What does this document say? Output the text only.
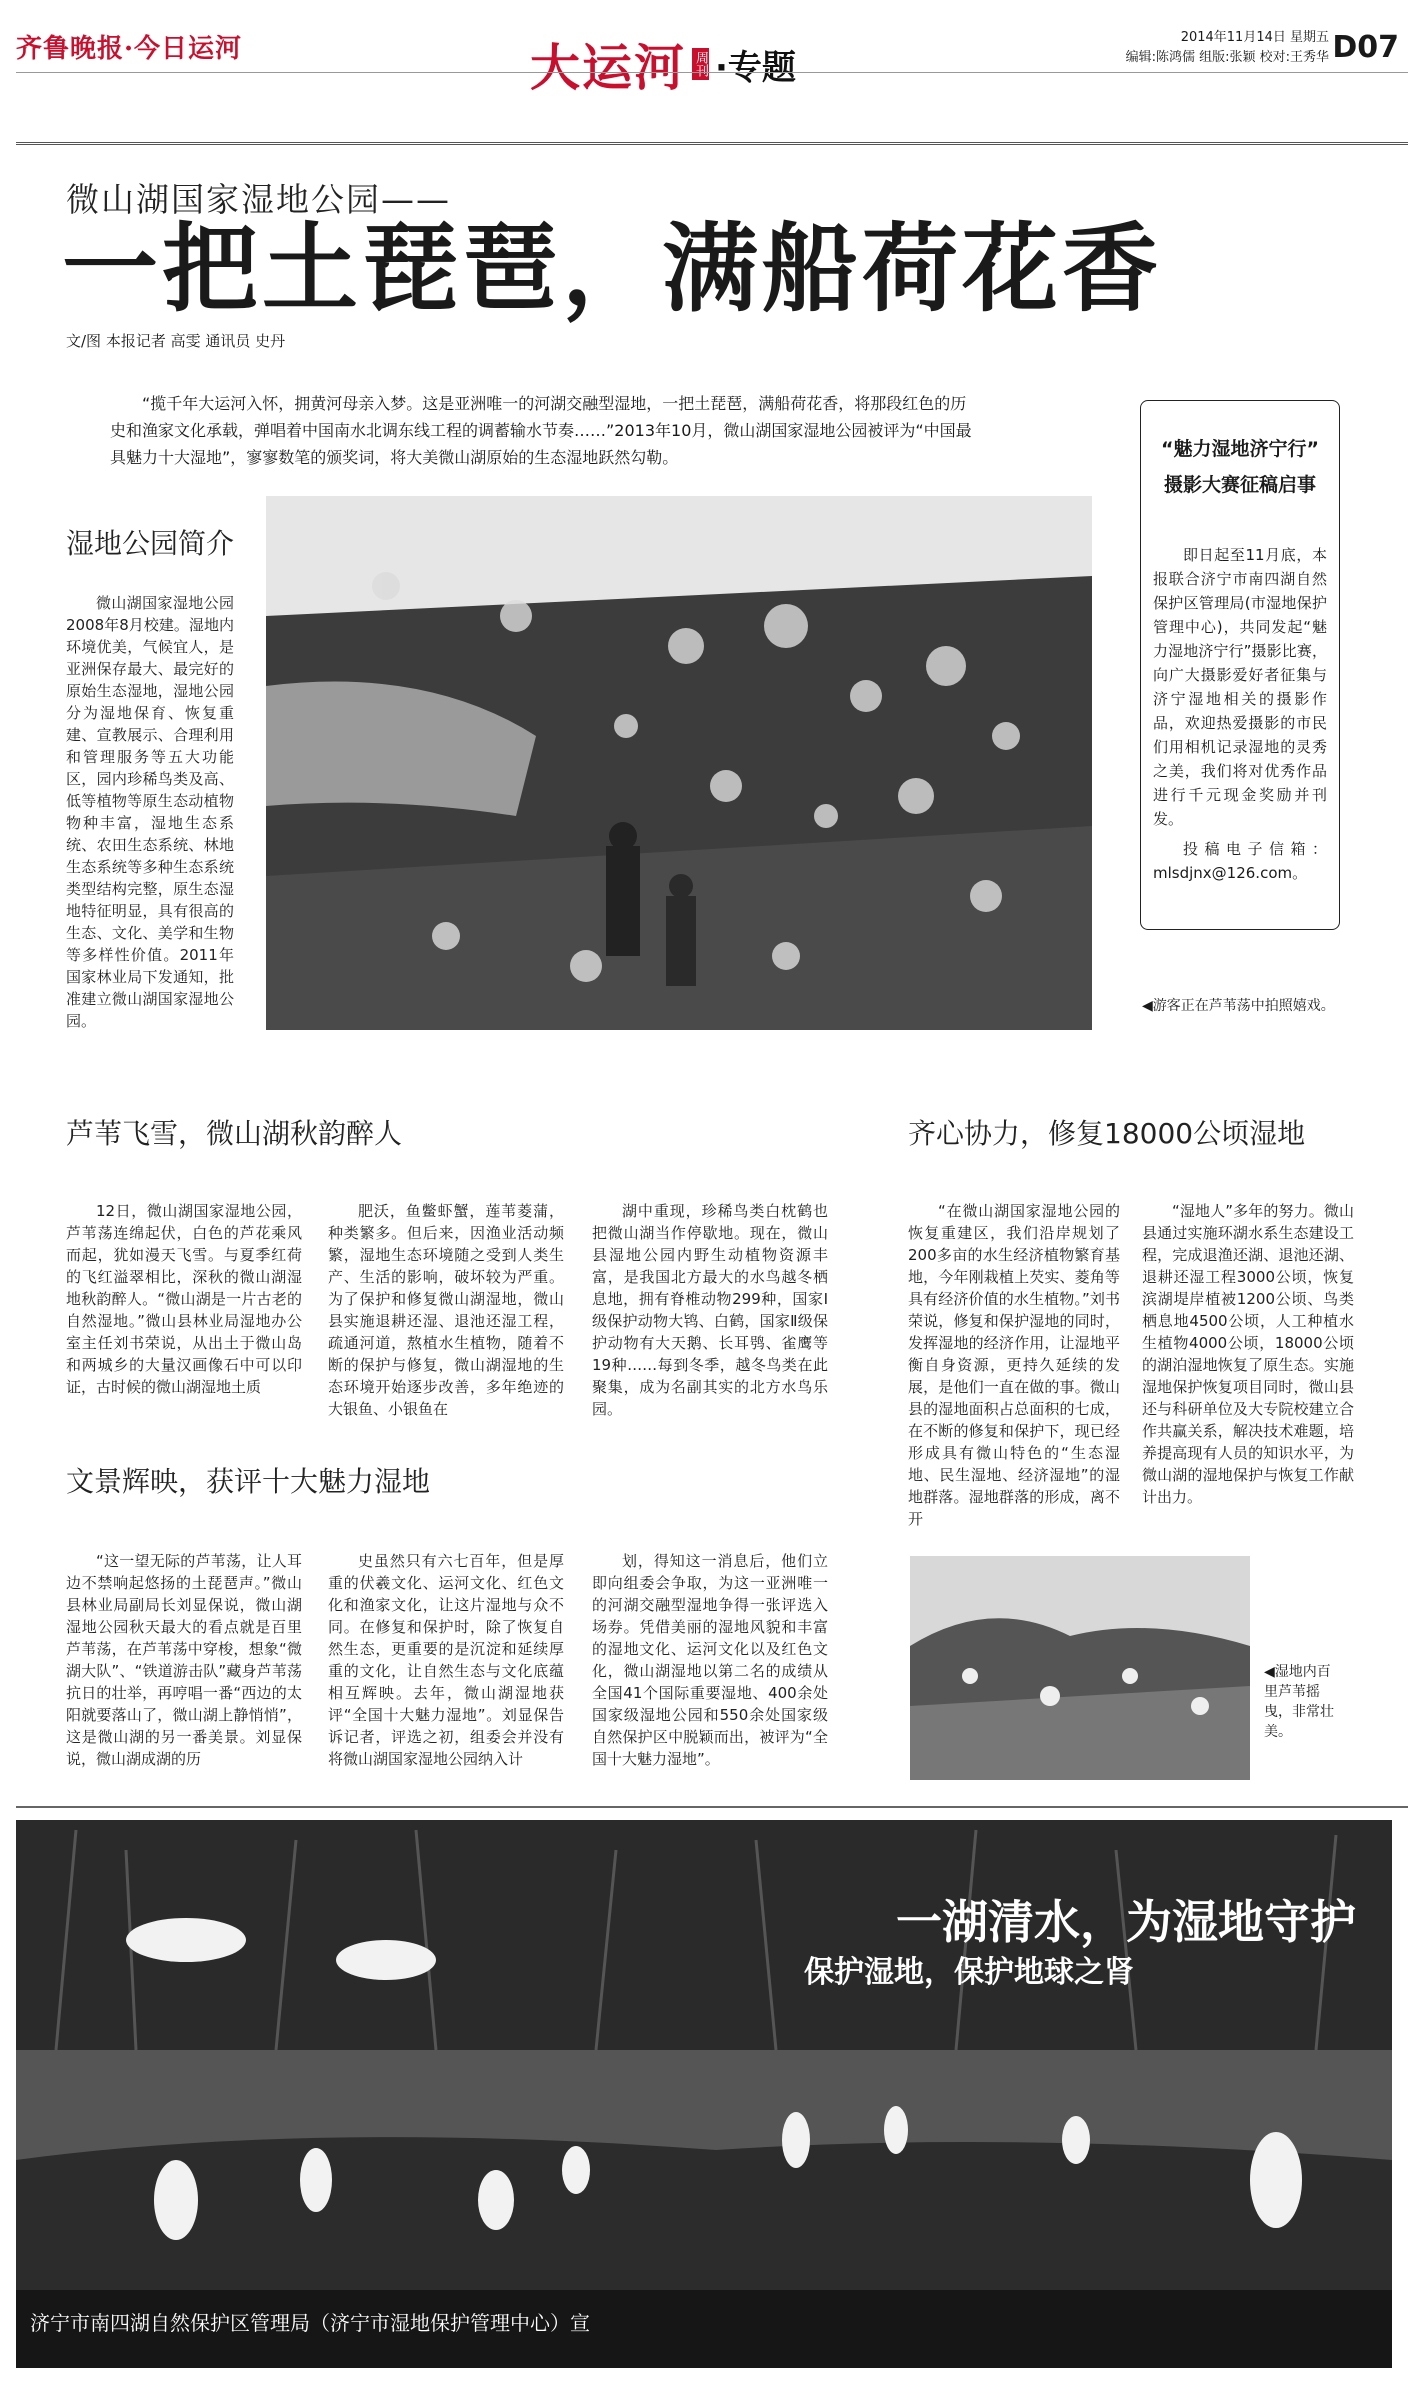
齐鲁晚报·今日运河	大运河 周刊 ·专题
2014年11月14日 星期五
编辑:陈鸿儒 组版:张颖 校对:王秀华 D07
微山湖国家湿地公园——
一把土琵琶，满船荷花香
文/图 本报记者 高雯 通讯员 史丹
“揽千年大运河入怀，拥黄河母亲入梦。这是亚洲唯一的河湖交融型湿地，一把土琵琶，满船荷花香，将那段红色的历史和渔家文化承载，弹唱着中国南水北调东线工程的调蓄输水节奏……”2013年10月，微山湖国家湿地公园被评为“中国最具魅力十大湿地”，寥寥数笔的颁奖词，将大美微山湖原始的生态湿地跃然勾勒。
湿地公园简介

微山湖国家湿地公园2008年8月校建。湿地内环境优美，气候宜人，是亚洲保存最大、最完好的原始生态湿地，湿地公园分为湿地保育、恢复重建、宣教展示、合理利用和管理服务等五大功能区，园内珍稀鸟类及高、低等植物等原生态动植物物种丰富，湿地生态系统、农田生态系统、林地生态系统等多种生态系统类型结构完整，原生态湿地特征明显，具有很高的生态、文化、美学和生物等多样性价值。2011年国家林业局下发通知，批准建立微山湖国家湿地公园。

◀游客正在芦苇荡中拍照嬉戏。
“魅力湿地济宁行”
摄影大赛征稿启事
即日起至11月底，本报联合济宁市南四湖自然保护区管理局(市湿地保护管理中心)，共同发起“魅力湿地济宁行”摄影比赛，向广大摄影爱好者征集与济宁湿地相关的摄影作品，欢迎热爱摄影的市民们用相机记录湿地的灵秀之美，我们将对优秀作品进行千元现金奖励并刊发。
投稿电子信箱：mlsdjnx@126.com。
芦苇飞雪，微山湖秋韵醉人

12日，微山湖国家湿地公园，芦苇荡连绵起伏，白色的芦花乘风而起，犹如漫天飞雪。与夏季红荷的飞红溢翠相比，深秋的微山湖湿地秋韵醉人。“微山湖是一片古老的自然湿地。”微山县林业局湿地办公室主任刘书荣说，从出土于微山岛和两城乡的大量汉画像石中可以印证，古时候的微山湖湿地土质

肥沃，鱼鳖虾蟹，莲苇菱蒲，种类繁多。但后来，因渔业活动频繁，湿地生态环境随之受到人类生产、生活的影响，破坏较为严重。为了保护和修复微山湖湿地，微山县实施退耕还湿、退池还湿工程，疏通河道，熬植水生植物，随着不断的保护与修复，微山湖湿地的生态环境开始逐步改善，多年绝迹的大银鱼、小银鱼在

湖中重现，珍稀鸟类白枕鹤也把微山湖当作停歇地。现在，微山县湿地公园内野生动植物资源丰富，是我国北方最大的水鸟越冬栖息地，拥有脊椎动物299种，国家Ⅰ级保护动物大鸨、白鹤，国家Ⅱ级保护动物有大天鹅、长耳鸮、雀鹰等19种……每到冬季，越冬鸟类在此聚集，成为名副其实的北方水鸟乐园。

齐心协力，修复18000公顷湿地

“在微山湖国家湿地公园的恢复重建区，我们沿岸规划了200多亩的水生经济植物繁育基地，今年刚栽植上芡实、菱角等具有经济价值的水生植物。”刘书荣说，修复和保护湿地的同时，发挥湿地的经济作用，让湿地平衡自身资源，更持久延续的发展，是他们一直在做的事。微山县的湿地面积占总面积的七成，在不断的修复和保护下，现已经形成具有微山特色的“生态湿地、民生湿地、经济湿地”的湿地群落。湿地群落的形成，离不开

“湿地人”多年的努力。微山县通过实施环湖水系生态建设工程，完成退渔还湖、退池还湖、退耕还湿工程3000公顷，恢复滨湖堤岸植被1200公顷、鸟类栖息地4500公顷，人工种植水生植物4000公顷，18000公顷的湖泊湿地恢复了原生态。实施湿地保护恢复项目同时，微山县还与科研单位及大专院校建立合作共赢关系，解决技术难题，培养提高现有人员的知识水平，为微山湖的湿地保护与恢复工作献计出力。

◀湿地内百里芦苇摇曳，非常壮美。
文景辉映，获评十大魅力湿地

“这一望无际的芦苇荡，让人耳边不禁响起悠扬的土琵琶声。”微山县林业局副局长刘显保说，微山湖湿地公园秋天最大的看点就是百里芦苇荡，在芦苇荡中穿梭，想象“微湖大队”、“铁道游击队”藏身芦苇荡抗日的壮举，再哼唱一番“西边的太阳就要落山了，微山湖上静悄悄”，这是微山湖的另一番美景。刘显保说，微山湖成湖的历

史虽然只有六七百年，但是厚重的伏羲文化、运河文化、红色文化和渔家文化，让这片湿地与众不同。在修复和保护时，除了恢复自然生态，更重要的是沉淀和延续厚重的文化，让自然生态与文化底蕴相互辉映。去年，微山湖湿地获评“全国十大魅力湿地”。刘显保告诉记者，评选之初，组委会并没有将微山湖国家湿地公园纳入计

划，得知这一消息后，他们立即向组委会争取，为这一亚洲唯一的河湖交融型湿地争得一张评选入场券。凭借美丽的湿地风貌和丰富的湿地文化、运河文化以及红色文化，微山湖湿地以第二名的成绩从全国41个国际重要湿地、400余处国家级湿地公园和550余处国家级自然保护区中脱颖而出，被评为“全国十大魅力湿地”。

一湖清水，为湿地守护
保护湿地，保护地球之肾
济宁市南四湖自然保护区管理局（济宁市湿地保护管理中心）宣
